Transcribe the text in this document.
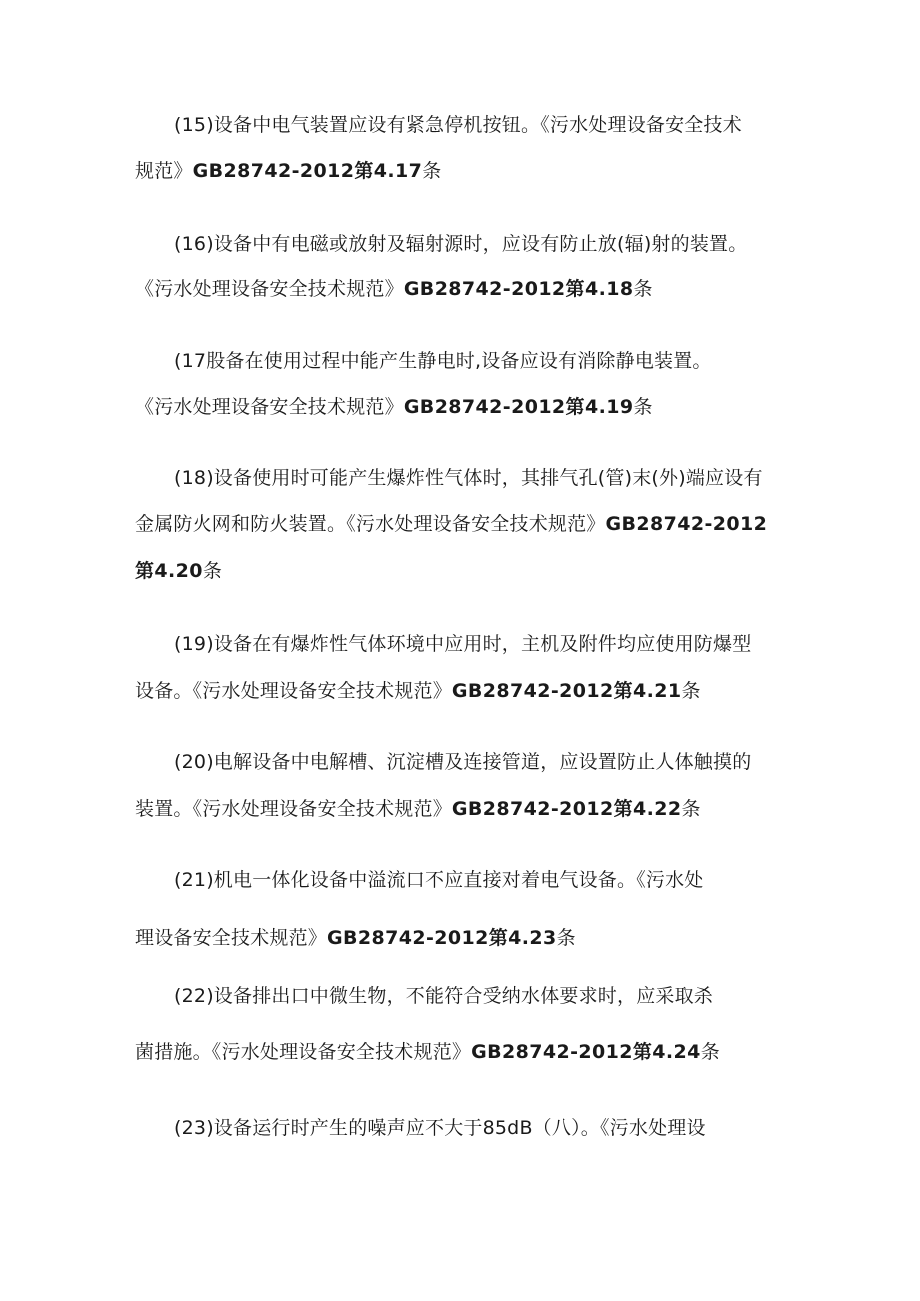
(15)设备中电气装置应设有紧急停机按钮。《污水处理设备安全技术
规范》GB28742-2012第4.17条
(16)设备中有电磁或放射及辐射源时，应设有防止放(辐)射的装置。
《污水处理设备安全技术规范》GB28742-2012第4.18条
(17股备在使用过程中能产生静电时,设备应设有消除静电装置。
《污水处理设备安全技术规范》GB28742-2012第4.19条
(18)设备使用时可能产生爆炸性气体时，其排气孔(管)末(外)端应设有
金属防火网和防火装置。《污水处理设备安全技术规范》GB28742-2012
第4.20条
(19)设备在有爆炸性气体环境中应用时，主机及附件均应使用防爆型
设备。《污水处理设备安全技术规范》GB28742-2012第4.21条
(20)电解设备中电解槽、沉淀槽及连接管道，应设置防止人体触摸的
装置。《污水处理设备安全技术规范》GB28742-2012第4.22条
(21)机电一体化设备中溢流口不应直接对着电气设备。《污水处
理设备安全技术规范》GB28742-2012第4.23条
(22)设备排出口中微生物，不能符合受纳水体要求时，应采取杀
菌措施。《污水处理设备安全技术规范》GB28742-2012第4.24条
(23)设备运行时产生的噪声应不大于85dB（八）。《污水处理设
